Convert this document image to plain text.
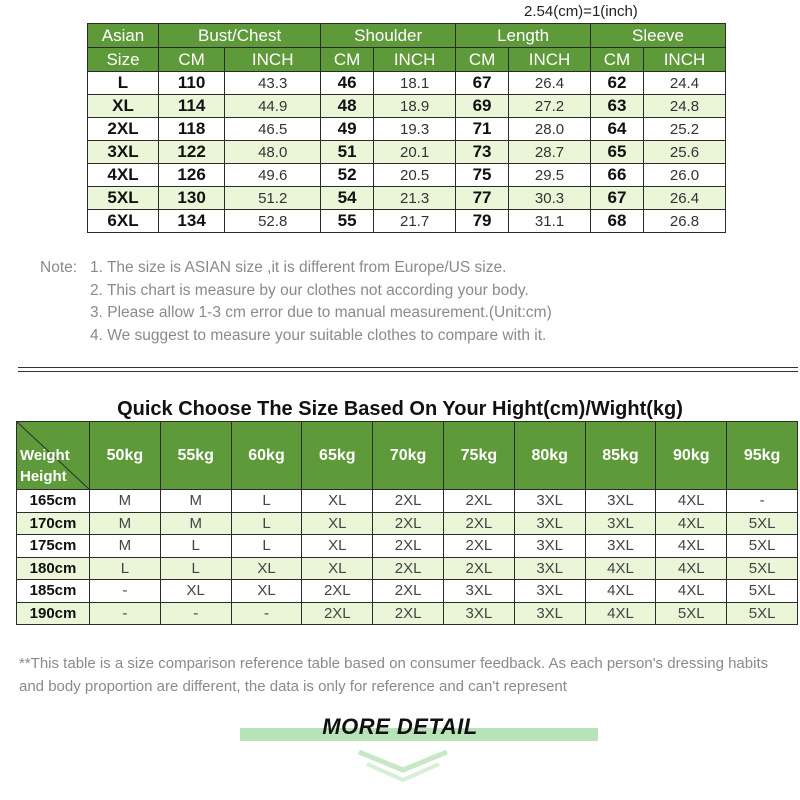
2.54(cm)=1(inch)
Asian	Bust/Chest		Shoulder		Length		Sleeve	
Size	CM	INCH	CM	INCH	CM	INCH	CM	INCH
L	110	43.3	46	18.1	67	26.4	62	24.4
XL	114	44.9	48	18.9	69	27.2	63	24.8
2XL	118	46.5	49	19.3	71	28.0	64	25.2
3XL	122	48.0	51	20.1	73	28.7	65	25.6
4XL	126	49.6	52	20.5	75	29.5	66	26.0
5XL	130	51.2	54	21.3	77	30.3	67	26.4
6XL	134	52.8	55	21.7	79	31.1	68	26.8
Note: 1. The size is ASIAN size ,it is different from Europe/US size.
2. This chart is measure by our clothes not according your body.
3. Please allow 1-3 cm error due to manual measurement.(Unit:cm)
4. We suggest to measure your suitable clothes to compare with it.
Quick Choose The Size Based On Your Hight(cm)/Wight(kg)
Weight
Height	50kg	55kg	60kg	65kg	70kg	75kg	80kg	85kg	90kg	95kg
165cm	M	M	L	XL	2XL	2XL	3XL	3XL	4XL	-
170cm	M	M	L	XL	2XL	2XL	3XL	3XL	4XL	5XL
175cm	M	L	L	XL	2XL	2XL	3XL	3XL	4XL	5XL
180cm	L	L	XL	XL	2XL	2XL	3XL	4XL	4XL	5XL
185cm	-	XL	XL	2XL	2XL	3XL	3XL	4XL	4XL	5XL
190cm	-	-	-	2XL	2XL	3XL	3XL	4XL	5XL	5XL
**This table is a size comparison reference table based on consumer feedback. As each person's dressing habits and body proportion are different, the data is only for reference and can't represent
MORE DETAIL
